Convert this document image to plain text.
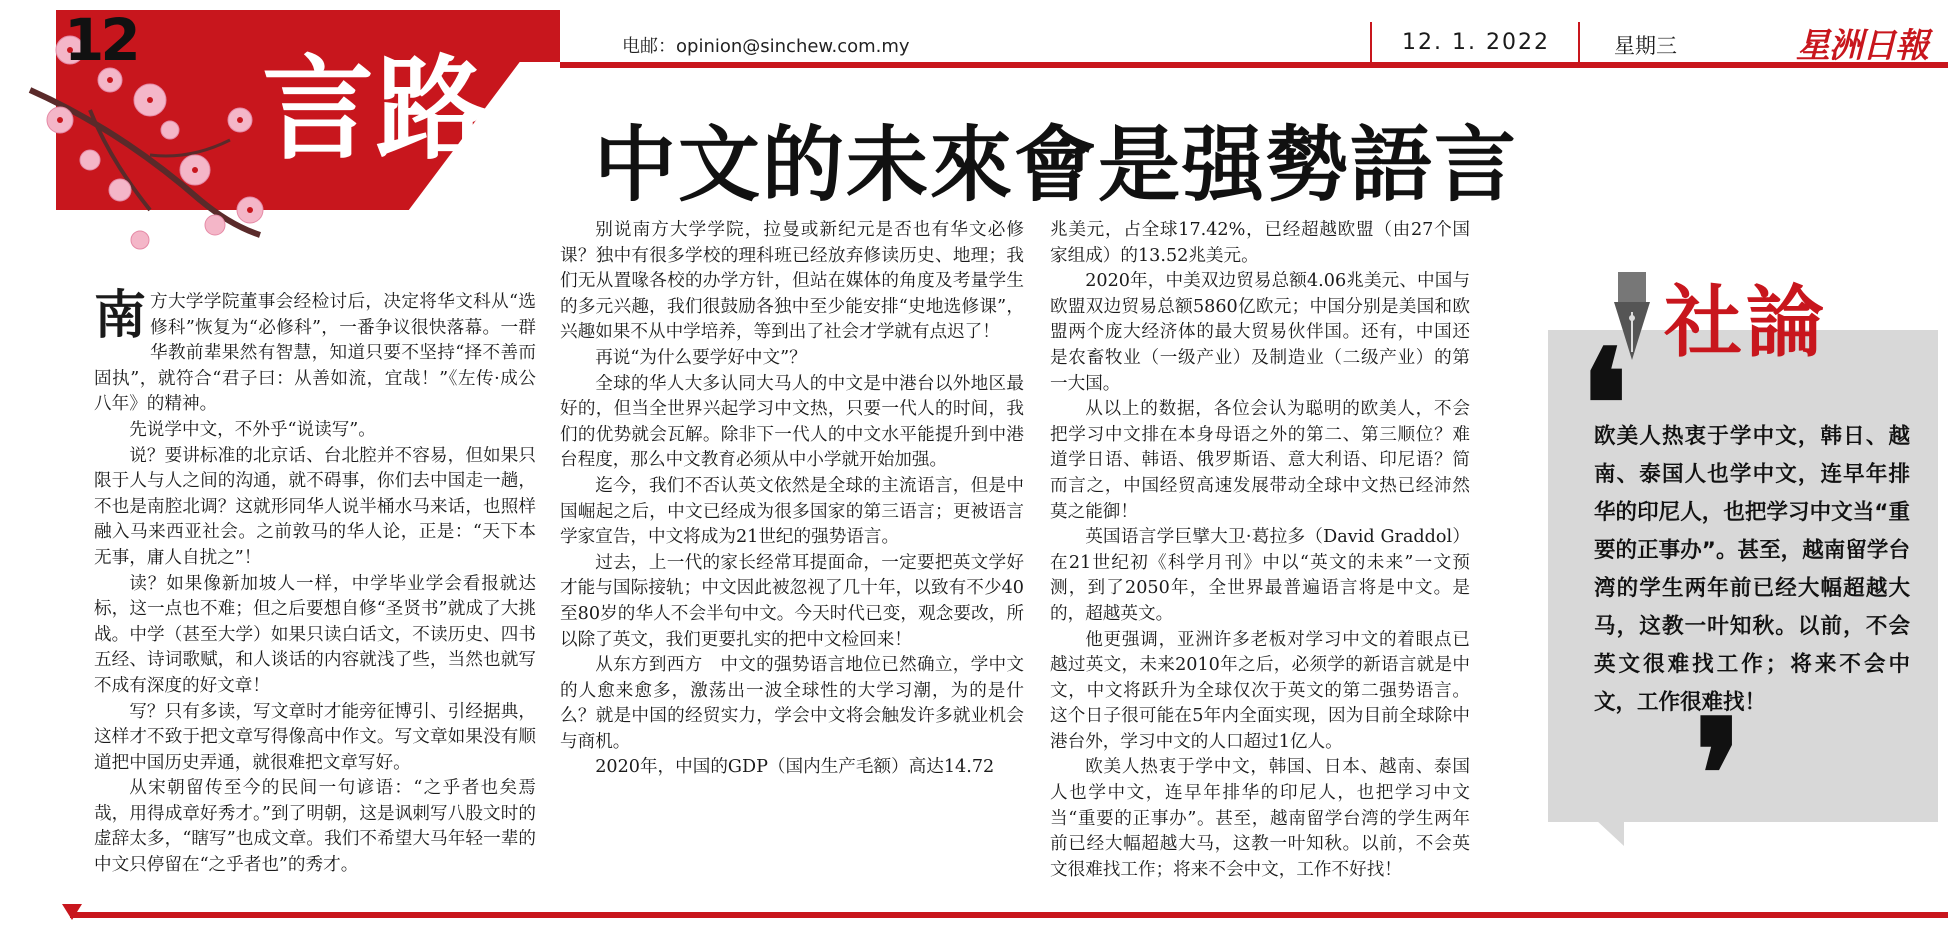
12
言路	电邮：opinion@sinchew.com.my	12. 1. 2022	星期三	星洲日報
中文的未來會是强勢語言

南方大学学院董事会经检讨后，决定将华文科从“选修科”恢复为“必修科”，一番争议很快落幕。一群华教前辈果然有智慧，知道只要不坚持“择不善而固执”，就符合“君子曰：从善如流，宜哉！”《左传·成公八年》的精神。

先说学中文，不外乎“说读写”。

说？要讲标准的北京话、台北腔并不容易，但如果只限于人与人之间的沟通，就不碍事，你们去中国走一趟，不也是南腔北调？这就形同华人说半桶水马来话，也照样融入马来西亚社会。之前敦马的华人论，正是：“天下本无事，庸人自扰之”！

读？如果像新加坡人一样，中学毕业学会看报就达标，这一点也不难；但之后要想自修“圣贤书”就成了大挑战。中学（甚至大学）如果只读白话文，不读历史、四书五经、诗词歌赋，和人谈话的内容就浅了些，当然也就写不成有深度的好文章！

写？只有多读，写文章时才能旁征博引、引经据典，这样才不致于把文章写得像高中作文。写文章如果没有顺道把中国历史弄通，就很难把文章写好。

从宋朝留传至今的民间一句谚语：“之乎者也矣焉哉，用得成章好秀才。”到了明朝，这是讽刺写八股文时的虚辞太多，“瞎写”也成文章。我们不希望大马年轻一辈的中文只停留在“之乎者也”的秀才。

别说南方大学学院，拉曼或新纪元是否也有华文必修课？独中有很多学校的理科班已经放弃修读历史、地理；我们无从置喙各校的办学方针，但站在媒体的角度及考量学生的多元兴趣，我们很鼓励各独中至少能安排“史地选修课”，兴趣如果不从中学培养，等到出了社会才学就有点迟了！

再说“为什么要学好中文”？

全球的华人大多认同大马人的中文是中港台以外地区最好的，但当全世界兴起学习中文热，只要一代人的时间，我们的优势就会瓦解。除非下一代人的中文水平能提升到中港台程度，那么中文教育必须从中小学就开始加强。

迄今，我们不否认英文依然是全球的主流语言，但是中国崛起之后，中文已经成为很多国家的第三语言；更被语言学家宣告，中文将成为21世纪的强势语言。

过去，上一代的家长经常耳提面命，一定要把英文学好才能与国际接轨；中文因此被忽视了几十年，以致有不少40至80岁的华人不会半句中文。今天时代已变，观念要改，所以除了英文，我们更要扎实的把中文检回来！

从东方到西方　中文的强势语言地位已然确立，学中文的人愈来愈多，激荡出一波全球性的大学习潮，为的是什么？就是中国的经贸实力，学会中文将会触发许多就业机会与商机。

2020年，中国的GDP（国内生产毛额）高达14.72

兆美元，占全球17.42%，已经超越欧盟（由27个国家组成）的13.52兆美元。

2020年，中美双边贸易总额4.06兆美元、中国与欧盟双边贸易总额5860亿欧元；中国分别是美国和欧盟两个庞大经济体的最大贸易伙伴国。还有，中国还是农畜牧业（一级产业）及制造业（二级产业）的第一大国。

从以上的数据，各位会认为聪明的欧美人，不会把学习中文排在本身母语之外的第二、第三顺位？难道学日语、韩语、俄罗斯语、意大利语、印尼语？简而言之，中国经贸高速发展带动全球中文热已经沛然莫之能御！

英国语言学巨擘大卫·葛拉多（David Graddol）在21世纪初《科学月刊》中以“英文的未来”一文预测，到了2050年，全世界最普遍语言将是中文。是的，超越英文。

他更强调，亚洲许多老板对学习中文的着眼点已越过英文，未来2010年之后，必须学的新语言就是中文，中文将跃升为全球仅次于英文的第二强势语言。这个日子很可能在5年内全面实现，因为目前全球除中港台外，学习中文的人口超过1亿人。

欧美人热衷于学中文，韩国、日本、越南、泰国人也学中文，连早年排华的印尼人，也把学习中文当“重要的正事办”。甚至，越南留学台湾的学生两年前已经大幅超越大马，这教一叶知秋。以前，不会英文很难找工作；将来不会中文，工作不好找！

社論
❛
欧美人热衷于学中文，韩日、越南、泰国人也学中文，连早年排华的印尼人，也把学习中文当“重要的正事办”。甚至，越南留学台湾的学生两年前已经大幅超越大马，这教一叶知秋。以前，不会英文很难找工作；将来不会中文，工作很难找！
❜
